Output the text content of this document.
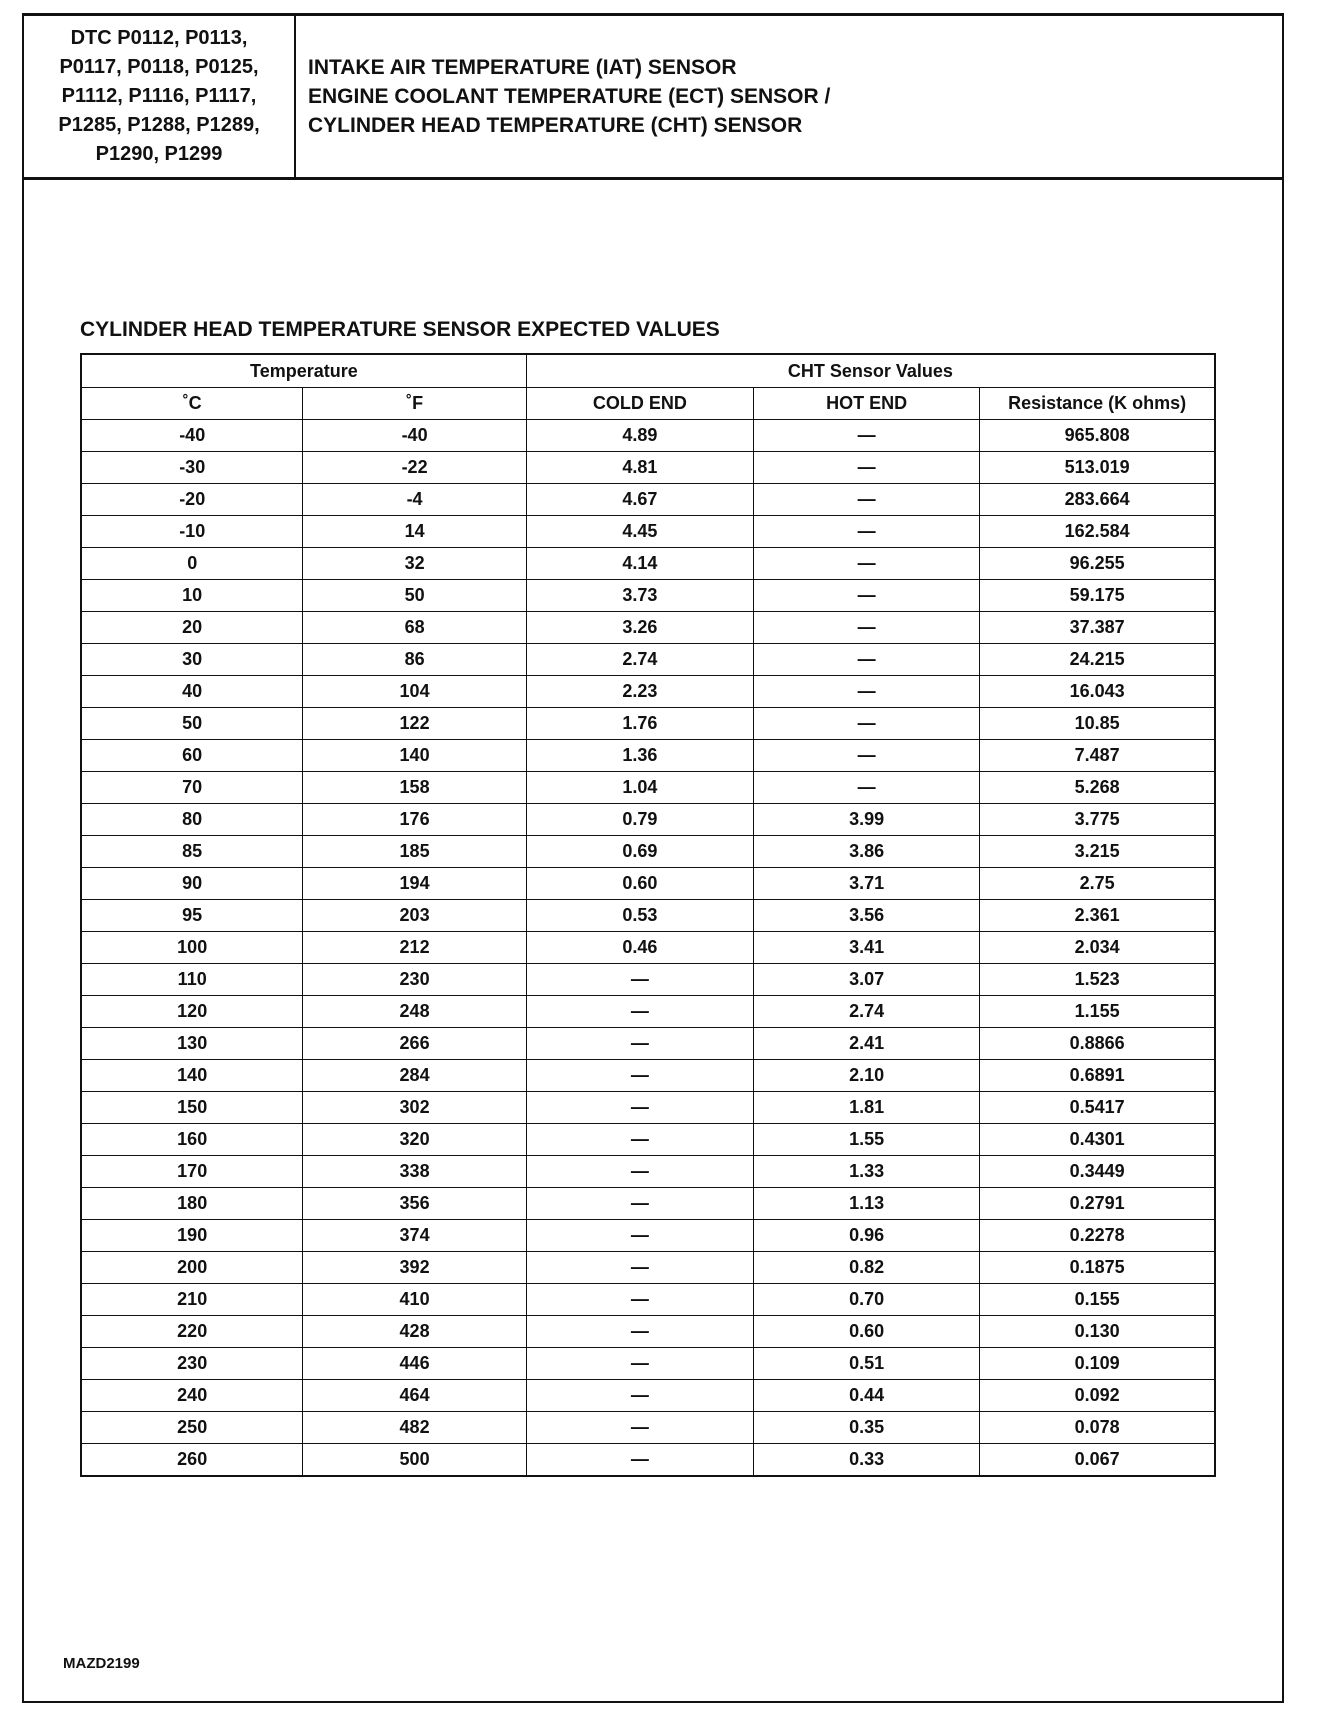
DTC P0112, P0113,
P0117, P0118, P0125,
P1112, P1116, P1117,
P1285, P1288, P1289,
P1290, P1299
INTAKE AIR TEMPERATURE (IAT) SENSOR
ENGINE COOLANT TEMPERATURE (ECT) SENSOR /
CYLINDER HEAD TEMPERATURE (CHT) SENSOR
CYLINDER HEAD TEMPERATURE SENSOR EXPECTED VALUES
Temperature		CHT Sensor Values		
˚C	˚F	COLD END	HOT END	Resistance (K ohms)
-40	-40	4.89	—	965.808
-30	-22	4.81	—	513.019
-20	-4	4.67	—	283.664
-10	14	4.45	—	162.584
0	32	4.14	—	96.255
10	50	3.73	—	59.175
20	68	3.26	—	37.387
30	86	2.74	—	24.215
40	104	2.23	—	16.043
50	122	1.76	—	10.85
60	140	1.36	—	7.487
70	158	1.04	—	5.268
80	176	0.79	3.99	3.775
85	185	0.69	3.86	3.215
90	194	0.60	3.71	2.75
95	203	0.53	3.56	2.361
100	212	0.46	3.41	2.034
110	230	—	3.07	1.523
120	248	—	2.74	1.155
130	266	—	2.41	0.8866
140	284	—	2.10	0.6891
150	302	—	1.81	0.5417
160	320	—	1.55	0.4301
170	338	—	1.33	0.3449
180	356	—	1.13	0.2791
190	374	—	0.96	0.2278
200	392	—	0.82	0.1875
210	410	—	0.70	0.155
220	428	—	0.60	0.130
230	446	—	0.51	0.109
240	464	—	0.44	0.092
250	482	—	0.35	0.078
260	500	—	0.33	0.067
MAZD2199
